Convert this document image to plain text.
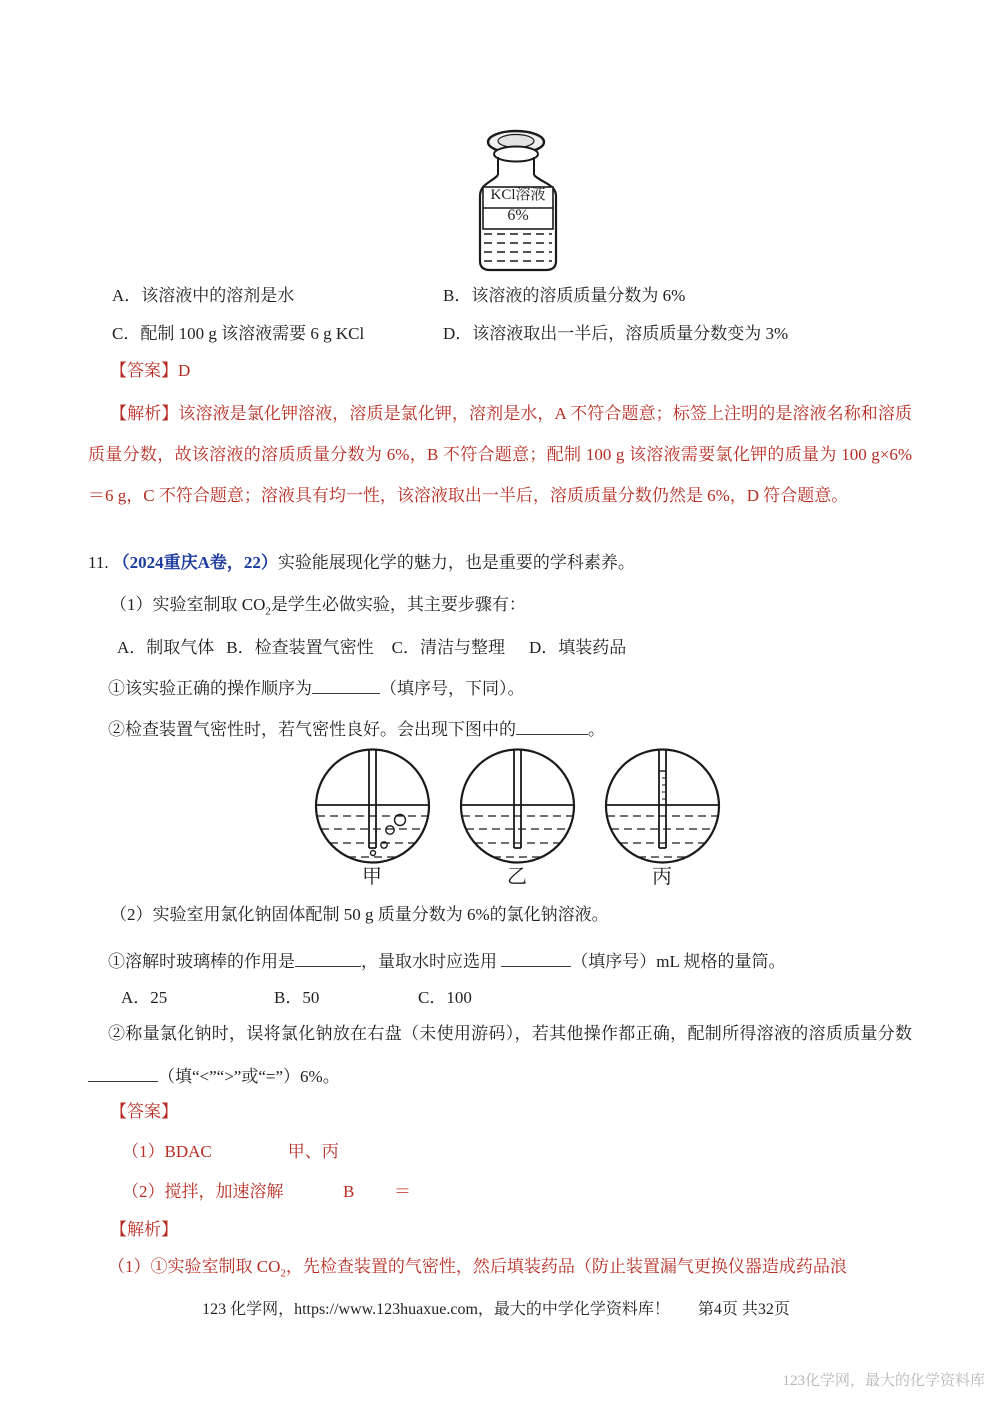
KCl溶液
6%
A．该溶液中的溶剂是水	B．该溶液的溶质质量分数为 6%
C．配制 100 g 该溶液需要 6 g KCl	D．该溶液取出一半后，溶质质量分数变为 3%
【答案】D

【解析】该溶液是氯化钾溶液，溶质是氯化钾，溶剂是水，A 不符合题意；标签上注明的是溶液名称和溶质质量分数，故该溶液的溶质质量分数为 6%，B 不符合题意；配制 100 g 该溶液需要氯化钾的质量为 100 g×6%＝6 g，C 不符合题意；溶液具有均一性，该溶液取出一半后，溶质质量分数仍然是 6%，D 符合题意。

11. （2024重庆A卷，22）实验能展现化学的魅力，也是重要的学科素养。
（1）实验室制取 $CO_2$是学生必做实验，其主要步骤有：
A．制取气体 B．检查装置气密性 C．清洁与整理 D．填装药品
①该实验正确的操作顺序为	（填序号，下同）。
②检查装置气密性时，若气密性良好。会出现下图中的	。
甲	乙	丙
（2）实验室用氯化钠固体配制 50 g 质量分数为 6%的氯化钠溶液。
①溶解时玻璃棒的作用是	，量取水时应选用	（填序号）mL 规格的量筒。
A．25	B．50	C．100

②称量氯化钠时，误将氯化钠放在右盘（未使用游码），若其他操作都正确，配制所得溶液的溶质质量分数（填“<”“>”或“=”）6%。

【答案】
（1）BDAC	甲、丙
（2）搅拌，加速溶解	B ＝
【解析】
（1）①实验室制取 $CO_2$，先检查装置的气密性，然后填装药品（防止装置漏气更换仪器造成药品浪
123 化学网，https://www.123huaxue.com，最大的中学化学资料库！ 第4页 共32页
123化学网，最大的化学资料库
